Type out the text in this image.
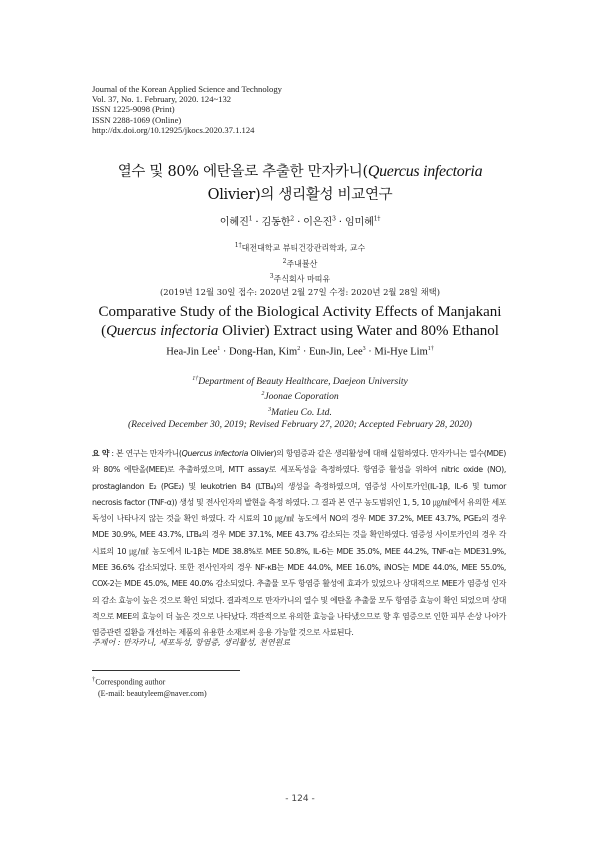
Journal of the Korean Applied Science and Technology
Vol. 37, No. 1. February, 2020. 124~132
ISSN 1225-9098 (Print)
ISSN 2288-1069 (Online)
http://dx.doi.org/10.12925/jkocs.2020.37.1.124
열수 및 80% 에탄올로 추출한 만자카니(Quercus infectoria
Olivier)의 생리활성 비교연구
이혜진$^1$ · 김동한$^2$ · 이은진$^3$ · 임미혜$^{1\dagger}$
$^{1\dagger}$대전대학교 뷰티건강관리학과, 교수
$^2$주내뷸산
$^3$주식회사 마띠유
(2019년 12월 30일 접수: 2020년 2월 27일 수정: 2020년 2월 28일 채택)
Comparative Study of the Biological Activity Effects of Manjakani
(Quercus infectoria Olivier) Extract using Water and 80% Ethanol
Hea-Jin Lee$^1$ · Dong-Han, Kim$^2$ · Eun-Jin, Lee$^3$ · Mi-Hye Lim$^{1\dagger}$
$^{1\dagger}$Department of Beauty Healthcare, Daejeon University
$^2$Joonae Coporation
$^3$Matieu Co. Ltd.
(Received December 30, 2019; Revised February 27, 2020; Accepted February 28, 2020)
요 약 : 본 연구는 만자카니(Quercus infectoria Olivier)의 항염증과 같은 생리활성에 대해 실험하였다. 만자카니는 열수(MDE)와 80% 에탄올(MEE)로 추출하였으며, MTT assay로 세포독성을 측정하였다. 항염증 활성을 위하여 nitric oxide (NO), prostaglandon E₂ (PGE₂) 및 leukotrien B4 (LTB₄)의 생성을 측정하였으며, 염증성 사이토카인(IL-1β, IL-6 및 tumor necrosis factor (TNF-α)) 생성 및 전사인자의 발현을 측정 하였다. 그 결과 본 연구 농도범위인 1, 5, 10 ㎍/㎖에서 유의한 세포독성이 나타나지 않는 것을 확인 하였다. 각 시료의 10 ㎍/㎖ 농도에서 NO의 경우 MDE 37.2%, MEE 43.7%, PGE₂의 경우 MDE 30.9%, MEE 43.7%, LTB₄의 경우 MDE 37.1%, MEE 43.7% 감소되는 것을 확인하였다. 염증성 사이토카인의 경우 각 시료의 10 ㎍/㎖ 농도에서 IL-1β는 MDE 38.8%로 MEE 50.8%, IL-6는 MDE 35.0%, MEE 44.2%, TNF-α는 MDE31.9%, MEE 36.6% 감소되었다. 또한 전사인자의 경우 NF-κB는 MDE 44.0%, MEE 16.0%, iNOS는 MDE 44.0%, MEE 55.0%, COX-2는 MDE 45.0%, MEE 40.0% 감소되었다. 추출물 모두 항염증 활성에 효과가 있었으나 상대적으로 MEE가 염증성 인자의 감소 효능이 높은 것으로 확인 되었다. 결과적으로 만자카니의 열수 및 에탄올 추출물 모두 항염증 효능이 확인 되었으며 상대적으로 MEE의 효능이 더 높은 것으로 나타났다. 객관적으로 유의한 효능을 나타냈으므로 향 후 염증으로 인한 피부 손상 나아가 염증관련 질환을 개선하는 제품의 유용한 소재로써 응용 가능할 것으로 사료된다.
주제어 : 만자카니, 세포독성, 항염증, 생리활성, 천연원료
†Corresponding author
(E-mail: beautyleem@naver.com)
- 124 -
